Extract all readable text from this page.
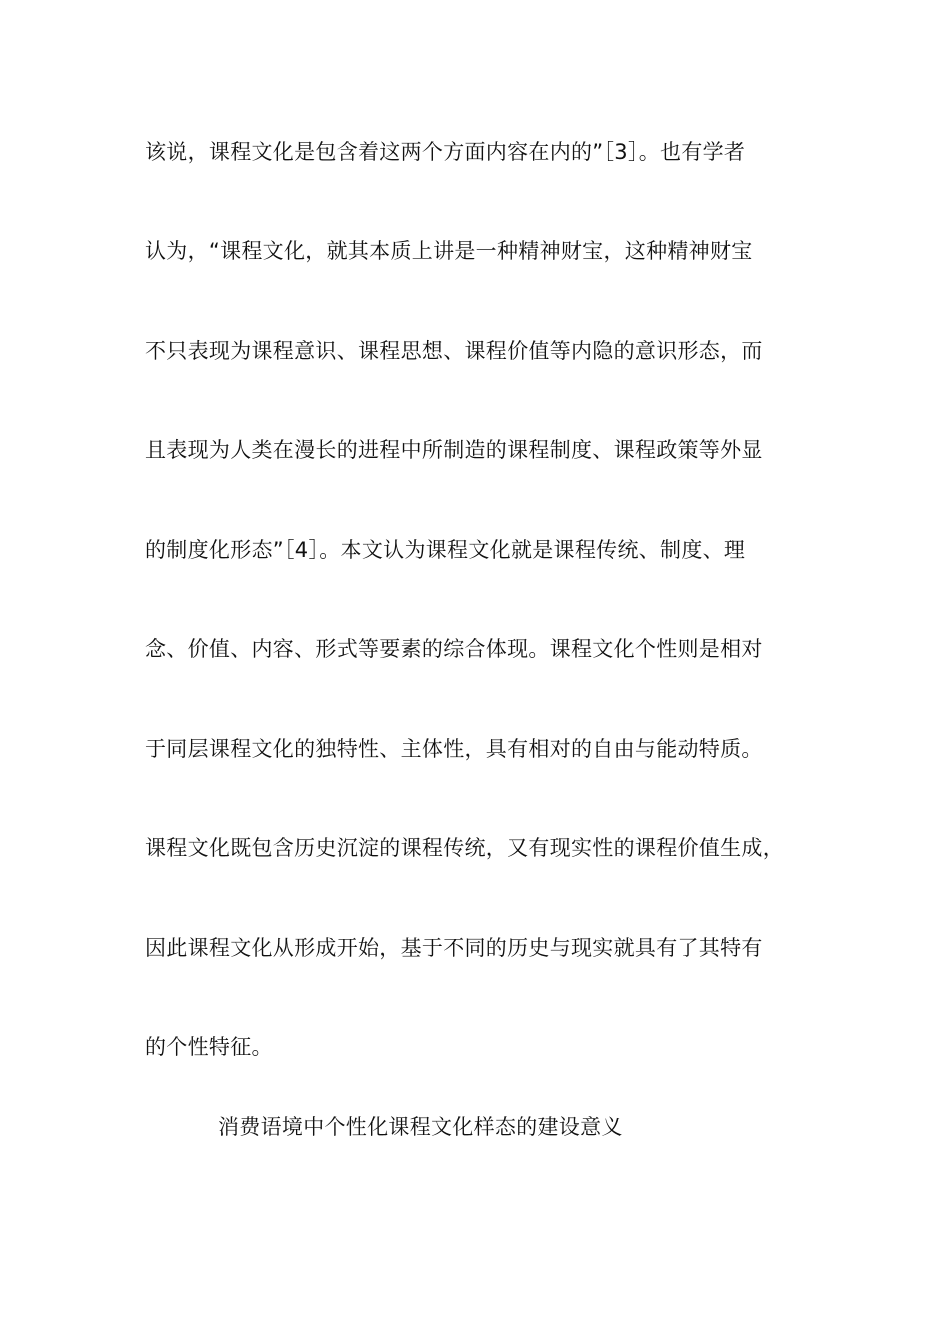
该说，课程文化是包含着这两个方面内容在内的”［3］。也有学者
认为，“课程文化，就其本质上讲是一种精神财宝，这种精神财宝
不只表现为课程意识、课程思想、课程价值等内隐的意识形态，而
且表现为人类在漫长的进程中所制造的课程制度、课程政策等外显
的制度化形态”［4］。本文认为课程文化就是课程传统、制度、理
念、价值、内容、形式等要素的综合体现。课程文化个性则是相对
于同层课程文化的独特性、主体性，具有相对的自由与能动特质。
课程文化既包含历史沉淀的课程传统，又有现实性的课程价值生成，
因此课程文化从形成开始，基于不同的历史与现实就具有了其特有
的个性特征。
消费语境中个性化课程文化样态的建设意义
